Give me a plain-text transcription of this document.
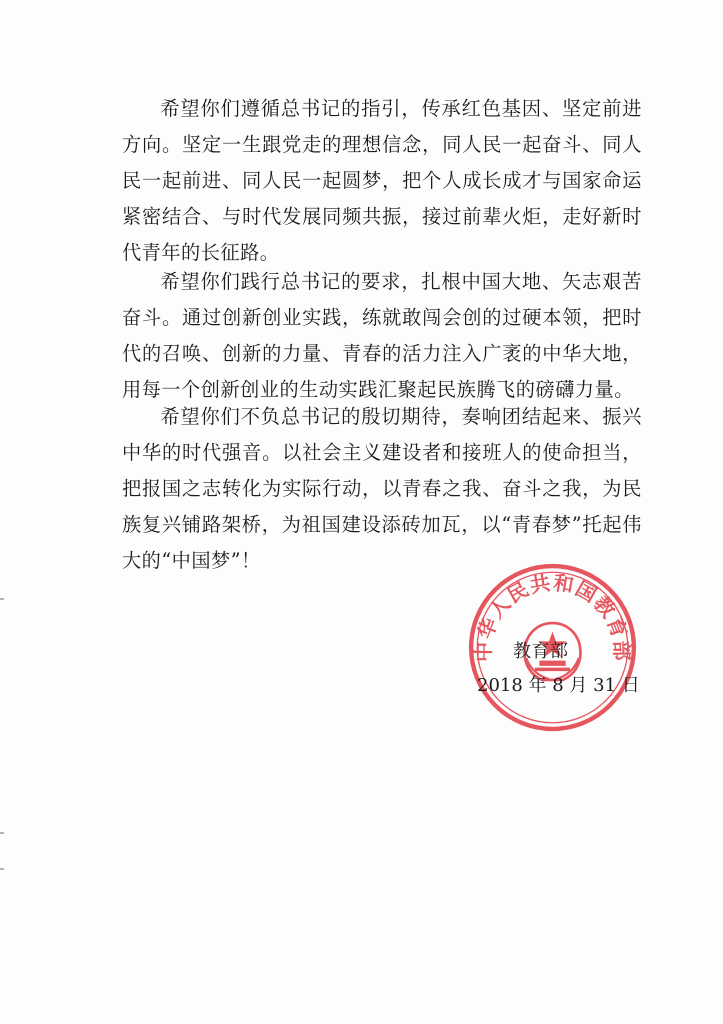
希望你们遵循总书记的指引，传承红色基因、坚定前进方向。坚定一生跟党走的理想信念，同人民一起奋斗、同人民一起前进、同人民一起圆梦，把个人成长成才与国家命运紧密结合、与时代发展同频共振，接过前辈火炬，走好新时代青年的长征路。

希望你们践行总书记的要求，扎根中国大地、矢志艰苦奋斗。通过创新创业实践，练就敢闯会创的过硬本领，把时代的召唤、创新的力量、青春的活力注入广袤的中华大地，用每一个创新创业的生动实践汇聚起民族腾飞的磅礴力量。

希望你们不负总书记的殷切期待，奏响团结起来、振兴中华的时代强音。以社会主义建设者和接班人的使命担当，把报国之志转化为实际行动，以青春之我、奋斗之我，为民族复兴铺路架桥，为祖国建设添砖加瓦，以“青春梦”托起伟大的“中国梦”！

中华人民共和国教育部
教育部
2018 年 8 月 31 日
